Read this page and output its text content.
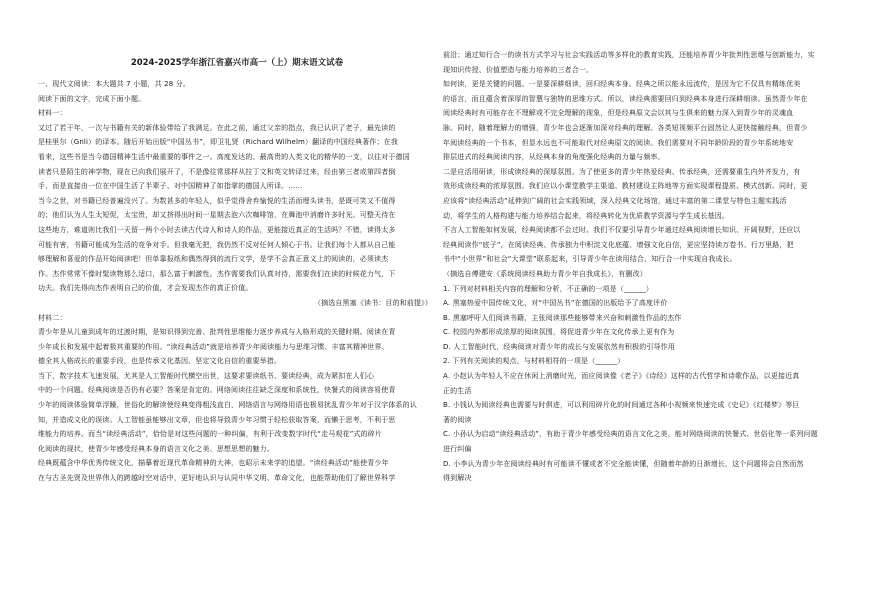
2024-2025学年浙江省嘉兴市高一（上）期末语文试卷
一、现代文阅读：本大题共 7 小题，共 28 分。
阅读下面的文字，完成下面小题。
材料一：
又过了若干年，一次与书籍有关的新体验带给了我满足。在此之前，通过父亲的指点，我已认识了老子，最先读的
是桂里尔（Gnli）的译本。随后开始出版“中国丛书”，即卫礼贤（Richard Wilhelm）翻译的中国经典著作；在我
看来，这些书是当今德国精神生活中最重要的事件之一。高度发达的、最高贵的人类文化的精华的一支，以往对于德国
读者只是陌生的神学物，现在已向我们展开了，不是像往常那样从拉丁文和英文转译过来，经由第三者或第四者倒
手，而是直接由一位在中国生活了半辈子、对中国精神了如指掌的德国人所译。……
当今之世，对书籍已经普遍没兴了。为数甚多的年轻人，似乎觉得舍弃愉悦的生活而埋头读书，是既可笑又不值得
的；他们认为人生太短促，太宝贵，却又挤得出时间一星期去泡六次咖啡馆，在舞池中消磨许多时光。可整天待在
这些地方，难道则比我们一天留一两个小时去读古代诗人和诗人的作品，更能接近真正的生活吗？不错，读得太多
可能有害，书籍可能成为生活的竞争对手。但我毫无把，我仍然不反对任何人倾心于书。让我们每个人都从自己能
够理解和喜爱的作品开始阅读吧！但单靠报纸和偶然得到的流行文学，是学不会真正意义上的阅读的，必须读杰
作。杰作常常不像时髦读物那么适口，那么富于刺激性。杰作需要我们认真对待，需要我们在读的时候花力气，下
功夫。我们先得向杰作表明自己的价值，才会发现杰作的真正价值。
（摘选自黑塞《读书：目的和前提》）
材料二：
青少年是从儿童到成年的过渡时期，是知识得到完善、批判性思维能力逐步养成与人格形成的关键时期。阅读在青
少年成长和发展中起着极其重要的作用。“读经典活动”就是培养青少年阅读能力与思维习惯、丰富其精神世界、
德全其人格成长的重要手段，也是传承文化基因、坚定文化自信的重要举措。
当下，数字技术飞速发展，尤其是人工智能时代横空出世，这要求要读纸书、要读经典，成为紧扣在人们心
中的一个问题。经典阅读是否仍有必要？答案是肯定的。网络阅读往往缺乏深度和系统性，快餐式的阅读容易使青
少年的阅读体验简单浮躁，世俗化的解读使经典变得粗浅直白，网络语言与网络用语也极易扰乱青少年对于汉字体系的认
知，并造成文化的误读。人工智能虽能够出文章，但也将导致青少年习惯于轻松获取答案，而懒于思考，不利于思
维能力的培养。而当“读经典活动”，恰恰是对这些问题的一种纠偏，有利于改变数字时代“走马观花”式的碎片
化阅读的现状，使青少年感受经典本身的语言文化之美、思想思想的魅力。
经典既蕴含中华优秀传统文化，描摹着近现代革命精神的大神，也昭示未来学的追望。“读经典活动”能使青少年
在与古圣先贤及世界伟人的跨越时空对话中，更好地认识与认同中华文明、革命文化，也能帮助他们了解世界科学
前沿；通过知行合一的读书方式学习与社会实践活动等多样化的教育实践，还能培养青少年批判性思维与创新能力，实
现知识传授、价值塑造与能力培养的三者合一。
如何读，更是关键的问题。一是要深耕细读，回归经典本身。经典之所以能永远流传，是因为它不仅具有精练优美
的语言，而且蕴含着深厚的智慧与独特的思维方式。所以，读经典需要回归到经典本身进行深耕细读。虽然青少年在
阅读经典时有可能存在不理解或不完全理解的现象，但是经典原文会以其与生俱来的魅力深入到青少年的灵魂血
脉。同时，随着理解力的增强，青少年也会逐渐加深对经典的理解。各类短视频平台固然让人更快接触经典，但青少
年阅读经典的一个书本，但显水远也不可能取代对经典原文的阅读。我们需要对不同年龄阶段的青少年系统地安
排层进式的经典阅读内容，从经典本身的角度强化经典的力量与频率。
二是应活用研读，形成读经典的深厚氛围。为了使更多的青少年热爱经典、传承经典，还需要重生内外齐发力，有
效形成读经典的浓厚氛围。我们应以小课堂教学主渠道、教材建设主阵地等方面实现课程提质、模式创新。同时，更
应该将“读经典活动”延伸到广阔的社会实践领域，深入经典文化场馆，通过丰富的第二课堂与特色主题实践活
动，将学生的人格构建与能力培养结合起来，将经典转化为优质教学资源与学生成长基因。
不言人工智能如何发展，经典阅读都不会过时。我们不仅要引导青少年通过经典阅读增长知识、开阔视野，还应以
经典阅读作“底子”，在阅读经典、传承独力中积淀文化底蕴、增强文化自信，更应坚持读万卷书、行万里路，把
书中“小世界”和社会“大课堂”联系起来，引导青少年在读用结合、知行合一中实现自我成长。
（摘选自傅建安《系统阅读经典助力青少年自我成长》，有删改）
1. 下列对材料相关内容的理解和分析，不正确的一项是（______）
A. 黑塞热爱中国传统文化，对“中国丛书”在德国的出版给予了高度评价
B. 黑塞呼吁人们阅读书籍，主张阅读那些能够带来兴奋和刺激性作品的杰作
C. 校园内外都形成浓厚的阅读氛围，将促进青少年在文化传承上更有作为
D. 人工智能时代，经典阅读对青少年的成长与发展依然有积极的引导作用
2. 下列有关阅读的观点，与材料相符的一项是（______）
A. 小赵认为年轻人不应在休闲上消磨时光，而应阅读像《老子》《诗经》这样的古代哲学和诗歌作品，以更接近真
正的生活
B. 小钱认为阅读经典也需要与时俱进，可以利用碎片化的时间通过各种小视频来快速完成《史记》《红楼梦》等巨
著的阅读
C. 小孙认为启动“读经典活动”，有助于青少年感受经典的语言文化之美，能对网络阅读的快餐式、世俗化等一系列问题
进行纠偏
D. 小李认为青少年在阅读经典时有可能读不懂或者不完全能读懂，但随着年龄的日渐增长，这个问题将会自然而然
得到解决
